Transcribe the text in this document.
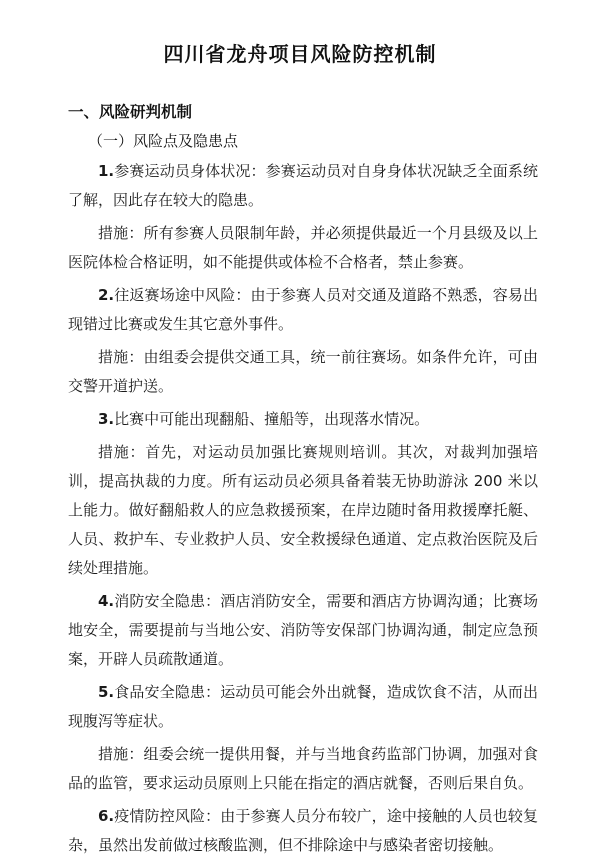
四川省龙舟项目风险防控机制
一、风险研判机制
（一）风险点及隐患点

1.参赛运动员身体状况：参赛运动员对自身身体状况缺乏全面系统了解，因此存在较大的隐患。

措施：所有参赛人员限制年龄，并必须提供最近一个月县级及以上医院体检合格证明，如不能提供或体检不合格者，禁止参赛。

2.往返赛场途中风险：由于参赛人员对交通及道路不熟悉，容易出现错过比赛或发生其它意外事件。

措施：由组委会提供交通工具，统一前往赛场。如条件允许，可由交警开道护送。

3.比赛中可能出现翻船、撞船等，出现落水情况。

措施：首先，对运动员加强比赛规则培训。其次，对裁判加强培训，提高执裁的力度。所有运动员必须具备着装无协助游泳 200 米以上能力。做好翻船救人的应急救援预案，在岸边随时备用救援摩托艇、人员、救护车、专业救护人员、安全救援绿色通道、定点救治医院及后续处理措施。

4.消防安全隐患：酒店消防安全，需要和酒店方协调沟通；比赛场地安全，需要提前与当地公安、消防等安保部门协调沟通，制定应急预案，开辟人员疏散通道。

5.食品安全隐患：运动员可能会外出就餐，造成饮食不洁，从而出现腹泻等症状。

措施：组委会统一提供用餐，并与当地食药监部门协调，加强对食品的监管，要求运动员原则上只能在指定的酒店就餐，否则后果自负。

6.疫情防控风险：由于参赛人员分布较广，途中接触的人员也较复杂，虽然出发前做过核酸监测，但不排除途中与感染者密切接触。
